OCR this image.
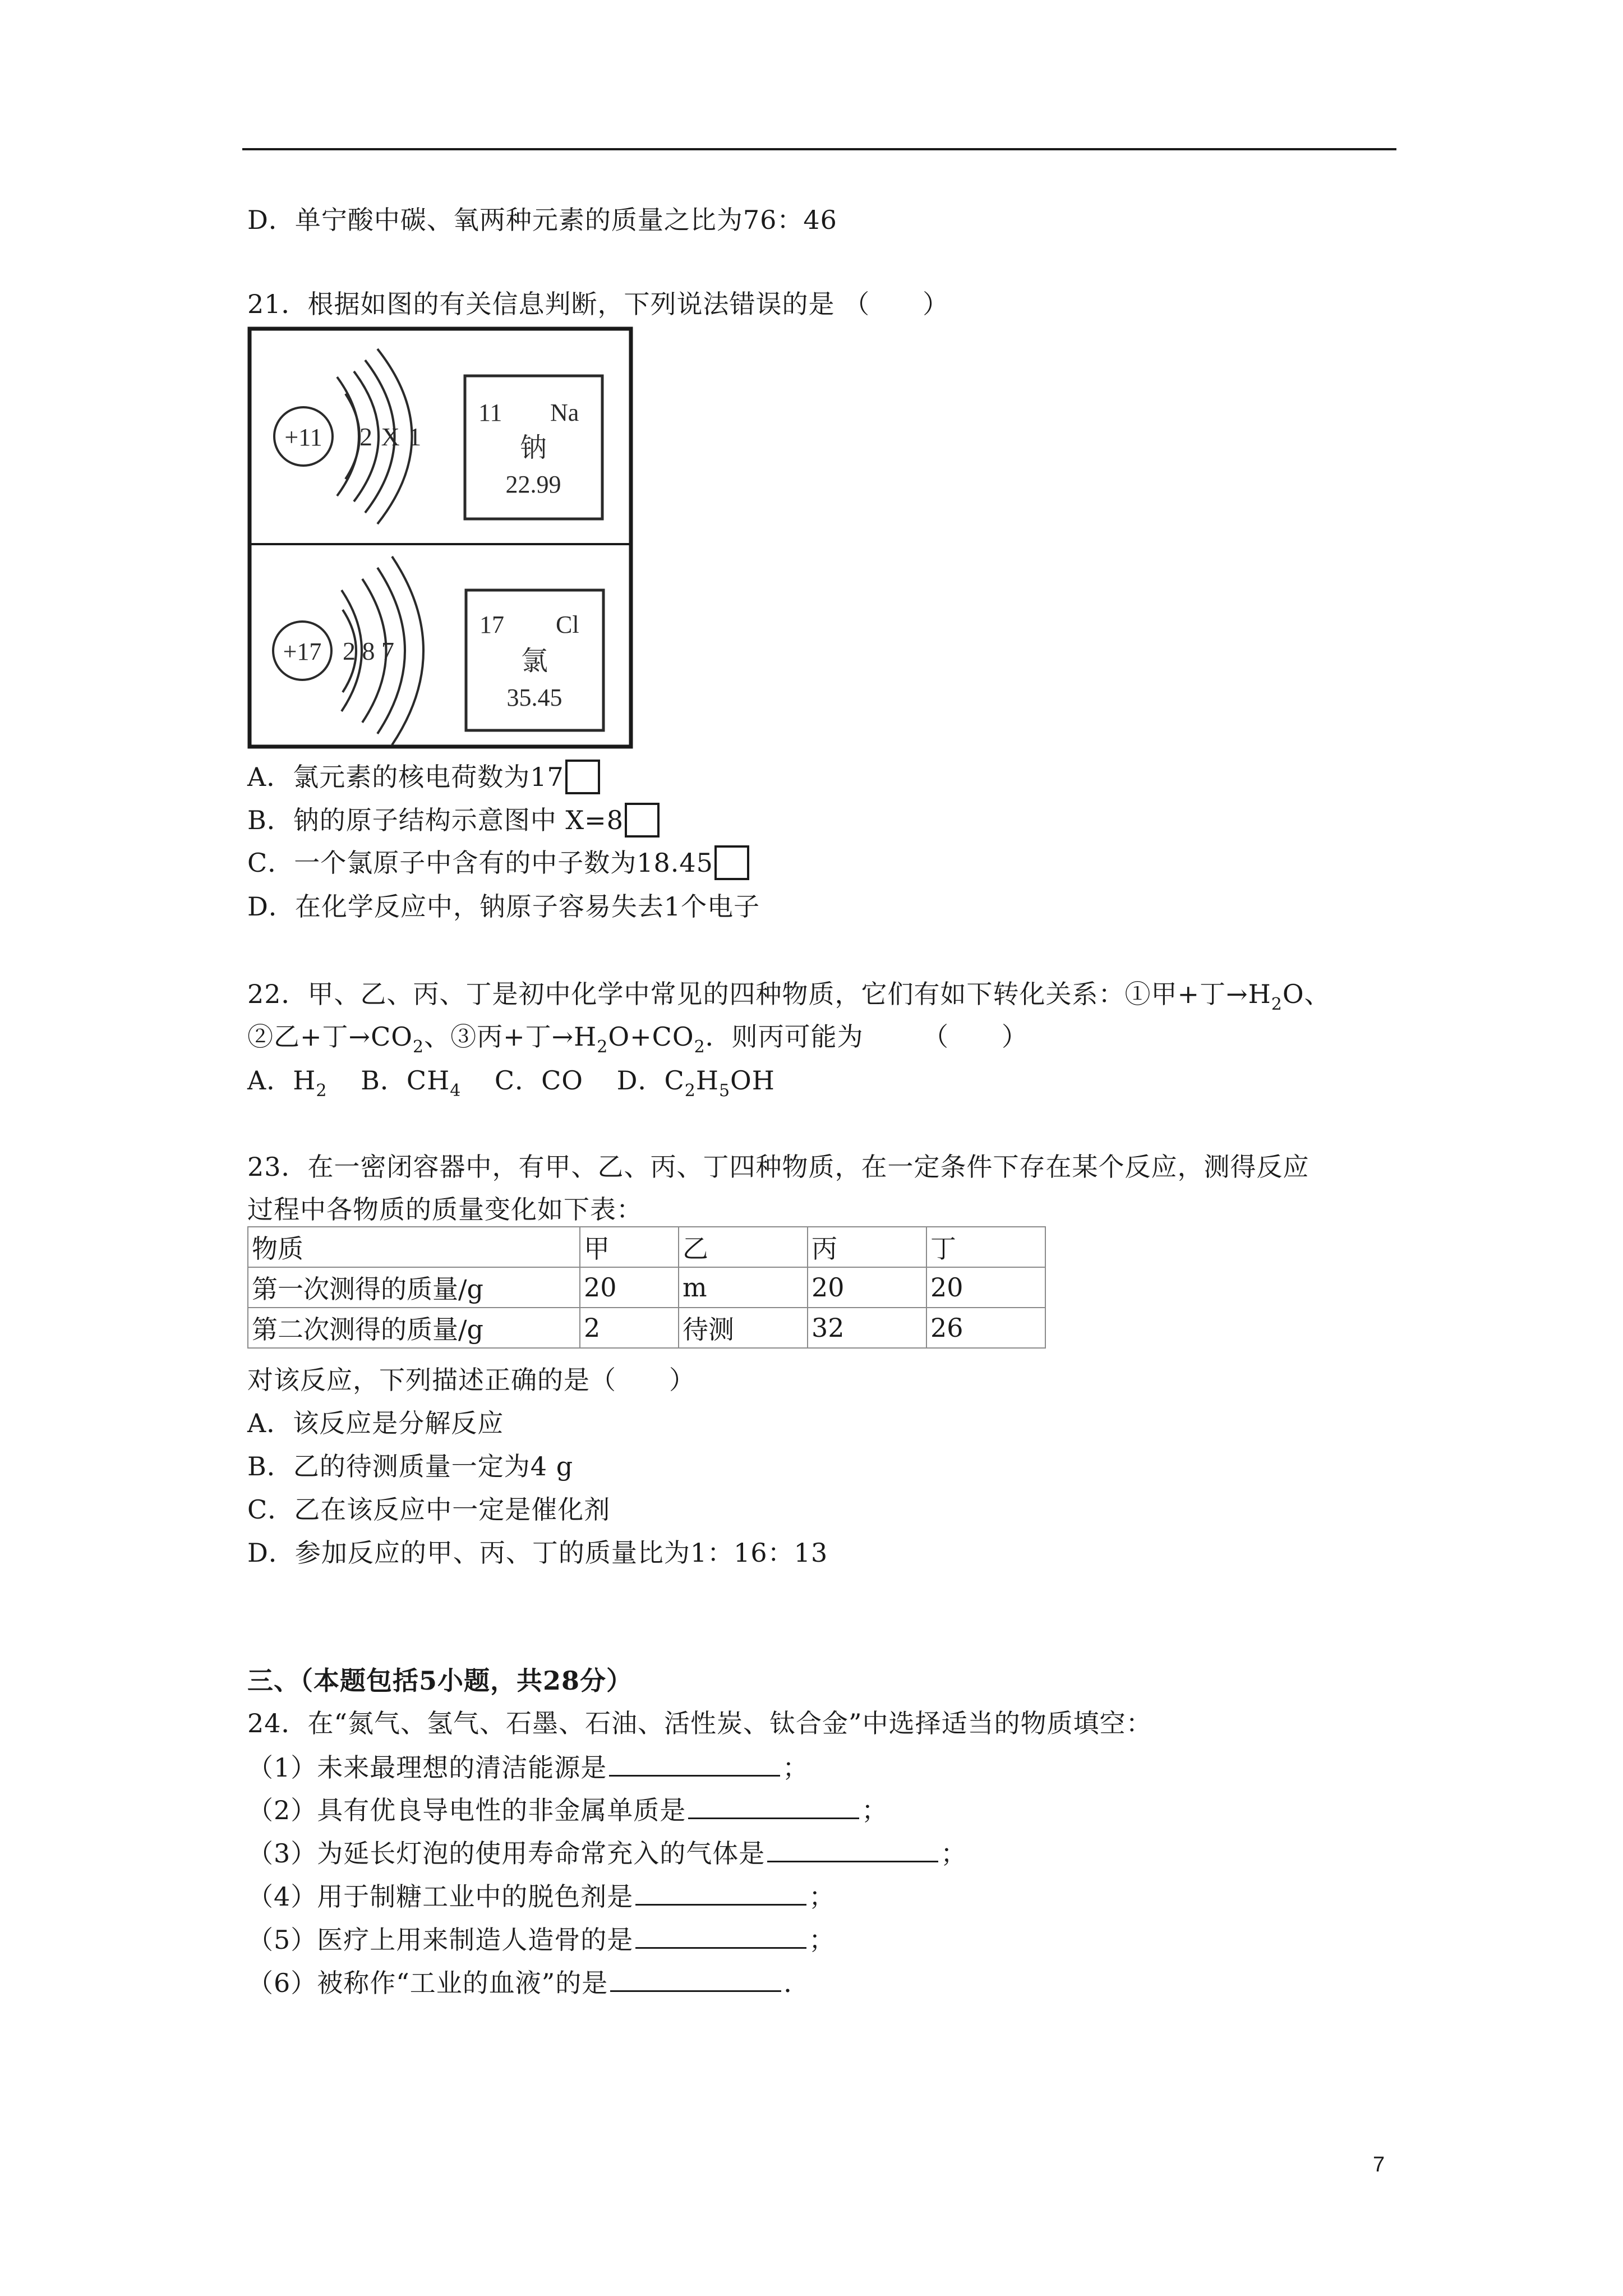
D．单宁酸中碳、氧两种元素的质量之比为76：46
21．根据如图的有关信息判断，下列说法错误的是 （　　）
+11 2 X 1
11 Na
钠
22.99
+17 2 8 7
17 Cl
氯
35.45
A．氯元素的核电荷数为17
B．钠的原子结构示意图中 X=8
C．一个氯原子中含有的中子数为18.45
D．在化学反应中，钠原子容易失去1个电子
22．甲、乙、丙、丁是初中化学中常见的四种物质，它们有如下转化关系：①甲+丁$\to H_2O$、
②乙+丁$\to CO_2$、③丙+丁$\to H_2O+CO_2$．则丙可能为 （　　）
A．$H_2$ B．$CH_4$ C．CO D．$C_2H_5OH$
23．在一密闭容器中，有甲、乙、丙、丁四种物质，在一定条件下存在某个反应，测得反应
过程中各物质的质量变化如下表：
物质	甲	乙	丙	丁
第一次测得的质量/g	20	m	20	20
第二次测得的质量/g	2	待测	32	26
对该反应，下列描述正确的是（　　）
A．该反应是分解反应
B．乙的待测质量一定为4 g
C．乙在该反应中一定是催化剂
D．参加反应的甲、丙、丁的质量比为1：16：13
三、（本题包括5小题，共28分）
24．在“氮气、氢气、石墨、石油、活性炭、钛合金”中选择适当的物质填空：
（1）未来最理想的清洁能源是	；
（2）具有优良导电性的非金属单质是	；
（3）为延长灯泡的使用寿命常充入的气体是	；
（4）用于制糖工业中的脱色剂是	；
（5）医疗上用来制造人造骨的是	；
（6）被称作“工业的血液”的是	．
7
